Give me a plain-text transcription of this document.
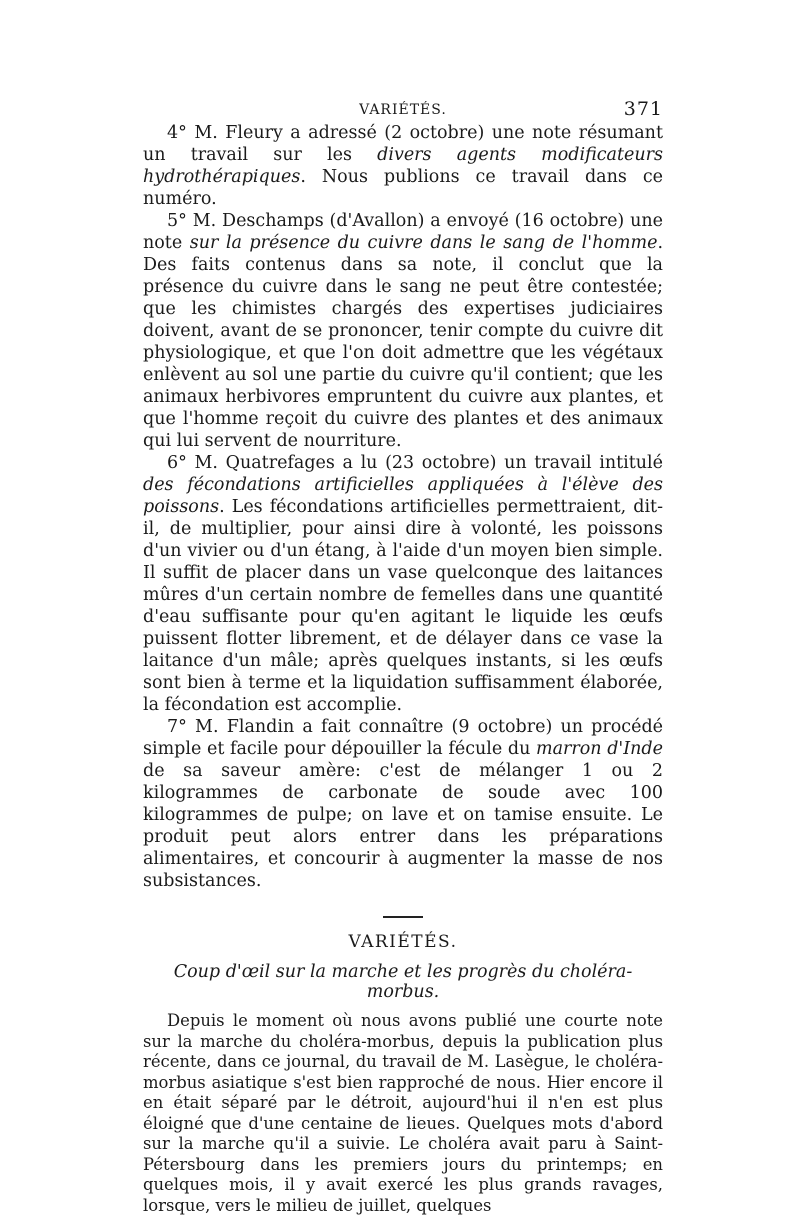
VARIÉTÉS.	371

4° M. Fleury a adressé (2 octobre) une note résumant un travail sur les divers agents modificateurs hydrothérapiques. Nous publions ce travail dans ce numéro.

5° M. Deschamps (d'Avallon) a envoyé (16 octobre) une note sur la présence du cuivre dans le sang de l'homme. Des faits contenus dans sa note, il conclut que la présence du cuivre dans le sang ne peut être contestée; que les chimistes chargés des expertises judiciaires doivent, avant de se prononcer, tenir compte du cuivre dit physiologique, et que l'on doit admettre que les végétaux enlèvent au sol une partie du cuivre qu'il contient; que les animaux herbivores empruntent du cuivre aux plantes, et que l'homme reçoit du cuivre des plantes et des animaux qui lui servent de nourriture.

6° M. Quatrefages a lu (23 octobre) un travail intitulé des fécondations artificielles appliquées à l'élève des poissons. Les fécondations artificielles permettraient, dit-il, de multiplier, pour ainsi dire à volonté, les poissons d'un vivier ou d'un étang, à l'aide d'un moyen bien simple. Il suffit de placer dans un vase quelconque des laitances mûres d'un certain nombre de femelles dans une quantité d'eau suffisante pour qu'en agitant le liquide les œufs puissent flotter librement, et de délayer dans ce vase la laitance d'un mâle; après quelques instants, si les œufs sont bien à terme et la liquidation suffisamment élaborée, la fécondation est accomplie.

7° M. Flandin a fait connaître (9 octobre) un procédé simple et facile pour dépouiller la fécule du marron d'Inde de sa saveur amère: c'est de mélanger 1 ou 2 kilogrammes de carbonate de soude avec 100 kilogrammes de pulpe; on lave et on tamise ensuite. Le produit peut alors entrer dans les préparations alimentaires, et concourir à augmenter la masse de nos subsistances.

VARIÉTÉS.
Coup d'œil sur la marche et les progrès du choléra-morbus.

Depuis le moment où nous avons publié une courte note sur la marche du choléra-morbus, depuis la publication plus récente, dans ce journal, du travail de M. Lasègue, le choléra-morbus asiatique s'est bien rapproché de nous. Hier encore il en était séparé par le détroit, aujourd'hui il n'en est plus éloigné que d'une centaine de lieues. Quelques mots d'abord sur la marche qu'il a suivie. Le choléra avait paru à Saint-Pétersbourg dans les premiers jours du printemps; en quelques mois, il y avait exercé les plus grands ravages, lorsque, vers le milieu de juillet, quelques
